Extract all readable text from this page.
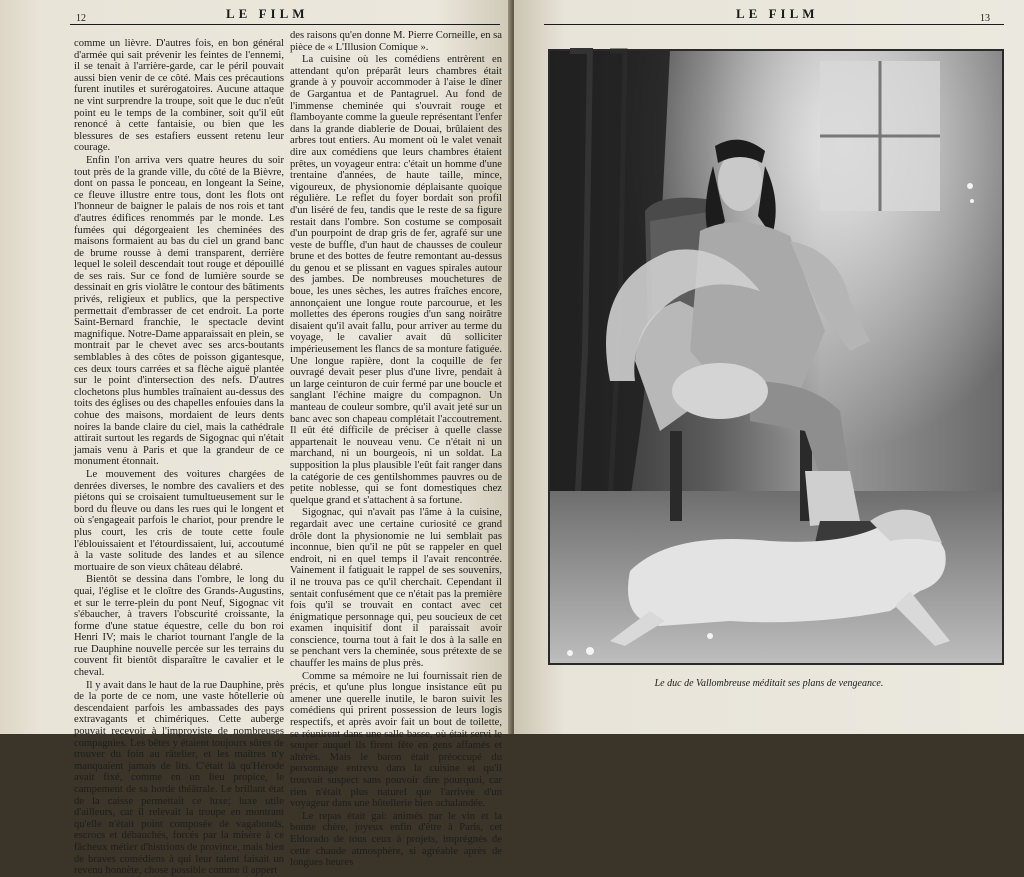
12	LE FILM

comme un lièvre. D'autres fois, en bon général d'armée qui sait prévenir les feintes de l'ennemi, il se tenait à l'arrière-garde, car le péril pouvait aussi bien venir de ce côté. Mais ces précautions furent inutiles et surérogatoires. Aucune attaque ne vint surprendre la troupe, soit que le duc n'eût point eu le temps de la combiner, soit qu'il eût renoncé à cette fantaisie, ou bien que les blessures de ses estafiers eussent retenu leur courage.

Enfin l'on arriva vers quatre heures du soir tout près de la grande ville, du côté de la Bièvre, dont on passa le ponceau, en longeant la Seine, ce fleuve illustre entre tous, dont les flots ont l'honneur de baigner le palais de nos rois et tant d'autres édifices renommés par le monde. Les fumées qui dégorgeaient les cheminées des maisons formaient au bas du ciel un grand banc de brume rousse à demi transparent, derrière lequel le soleil descendait tout rouge et dépouillé de ses rais. Sur ce fond de lumière sourde se dessinait en gris violâtre le contour des bâtiments privés, religieux et publics, que la perspective permettait d'embrasser de cet endroit. La porte Saint-Bernard franchie, le spectacle devint magnifique. Notre-Dame apparaissait en plein, se montrait par le chevet avec ses arcs-boutants semblables à des côtes de poisson gigantesque, ces deux tours carrées et sa flèche aiguë plantée sur le point d'intersection des nefs. D'autres clochetons plus humbles traînaient au-dessus des toits des églises ou des chapelles enfouies dans la cohue des maisons, mordaient de leurs dents noires la bande claire du ciel, mais la cathédrale attirait surtout les regards de Sigognac qui n'était jamais venu à Paris et que la grandeur de ce monument étonnait.

Le mouvement des voitures chargées de denrées diverses, le nombre des cavaliers et des piétons qui se croisaient tumultueusement sur le bord du fleuve ou dans les rues qui le longent et où s'engageait parfois le chariot, pour prendre le plus court, les cris de toute cette foule l'éblouissaient et l'étourdissaient, lui, accoutumé à la vaste solitude des landes et au silence mortuaire de son vieux château délabré.

Bientôt se dessina dans l'ombre, le long du quai, l'église et le cloître des Grands-Augustins, et sur le terre-plein du pont Neuf, Sigognac vit s'ébaucher, à travers l'obscurité croissante, la forme d'une statue équestre, celle du bon roi Henri IV; mais le chariot tournant l'angle de la rue Dauphine nouvelle percée sur les terrains du couvent fit bientôt disparaître le cavalier et le cheval.

Il y avait dans le haut de la rue Dauphine, près de la porte de ce nom, une vaste hôtellerie où descendaient parfois les ambassades des pays extravagants et chimériques. Cette auberge pouvait recevoir à l'improviste de nombreuses compagnies. Les bêtes y étaient toujours sûres de trouver du foin au râtelier, et les maîtres n'y manquaient jamais de lits. C'était là qu'Hérode avait fixé, comme en un lieu propice, le campement de sa horde théâtrale. Le brillant état de la caisse permettait ce luxe; luxe utile d'ailleurs, car il relevait la troupe en montrant qu'elle n'était point composée de vagabonds, escrocs et débauchés, forcés par la misère à ce fâcheux métier d'histrions de province, mais bien de braves comédiens à qui leur talent faisait un revenu honnête, chose possible comme il appert

des raisons qu'en donne M. Pierre Corneille, en sa pièce de « L'Illusion Comique ».

La cuisine où les comédiens entrèrent en attendant qu'on préparât leurs chambres était grande à y pouvoir accommoder à l'aise le dîner de Gargantua et de Pantagruel. Au fond de l'immense cheminée qui s'ouvrait rouge et flamboyante comme la gueule représentant l'enfer dans la grande diablerie de Douai, brûlaient des arbres tout entiers. Au moment où le valet venait dire aux comédiens que leurs chambres étaient prêtes, un voyageur entra: c'était un homme d'une trentaine d'années, de haute taille, mince, vigoureux, de physionomie déplaisante quoique régulière. Le reflet du foyer bordait son profil d'un liséré de feu, tandis que le reste de sa figure restait dans l'ombre. Son costume se composait d'un pourpoint de drap gris de fer, agrafé sur une veste de buffle, d'un haut de chausses de couleur brune et des bottes de feutre remontant au-dessus du genou et se plissant en vagues spirales autour des jambes. De nombreuses mouchetures de boue, les unes sèches, les autres fraîches encore, annonçaient une longue route parcourue, et les mollettes des éperons rougies d'un sang noirâtre disaient qu'il avait fallu, pour arriver au terme du voyage, le cavalier avait dû solliciter impérieusement les flancs de sa monture fatiguée. Une longue rapière, dont la coquille de fer ouvragé devait peser plus d'une livre, pendait à un large ceinturon de cuir fermé par une boucle et sanglant l'échine maigre du compagnon. Un manteau de couleur sombre, qu'il avait jeté sur un banc avec son chapeau complétait l'accoutrement. Il eût été difficile de préciser à quelle classe appartenait le nouveau venu. Ce n'était ni un marchand, ni un bourgeois, ni un soldat. La supposition la plus plausible l'eût fait ranger dans la catégorie de ces gentilshommes pauvres ou de petite noblesse, qui se font domestiques chez quelque grand et s'attachent à sa fortune.

Sigognac, qui n'avait pas l'âme à la cuisine, regardait avec une certaine curiosité ce grand drôle dont la physionomie ne lui semblait pas inconnue, bien qu'il ne pût se rappeler en quel endroit, ni en quel temps il l'avait rencontrée. Vainement il fatiguait le rappel de ses souvenirs, il ne trouva pas ce qu'il cherchait. Cependant il sentait confusément que ce n'était pas la première fois qu'il se trouvait en contact avec cet énigmatique personnage qui, peu soucieux de cet examen inquisitif dont il paraissait avoir conscience, tourna tout à fait le dos à la salle en se penchant vers la cheminée, sous prétexte de se chauffer les mains de plus près.

Comme sa mémoire ne lui fournissait rien de précis, et qu'une plus longue insistance eût pu amener une querelle inutile, le baron suivit les comédiens qui prirent possession de leurs logis respectifs, et après avoir fait un bout de toilette, se réunirent dans une salle basse, où était servi le souper auquel ils firent fête en gens affamés et altérés. Mais le baron était préoccupé du personnage entrevu dans la cuisine et qu'il trouvait suspect sans pouvoir dire pourquoi, car rien n'était plus naturel que l'arrivée d'un voyageur dans une hôtellerie bien achalandée.

Le repas était gai: animés par le vin et la bonne chère, joyeux enfin d'être à Paris, cet Eldorado de tous ceux à projets, imprégnés de cette chaude atmosphère, si agréable après de longues heures

LE FILM	13
Le duc de Vallombreuse méditait ses plans de vengeance.
